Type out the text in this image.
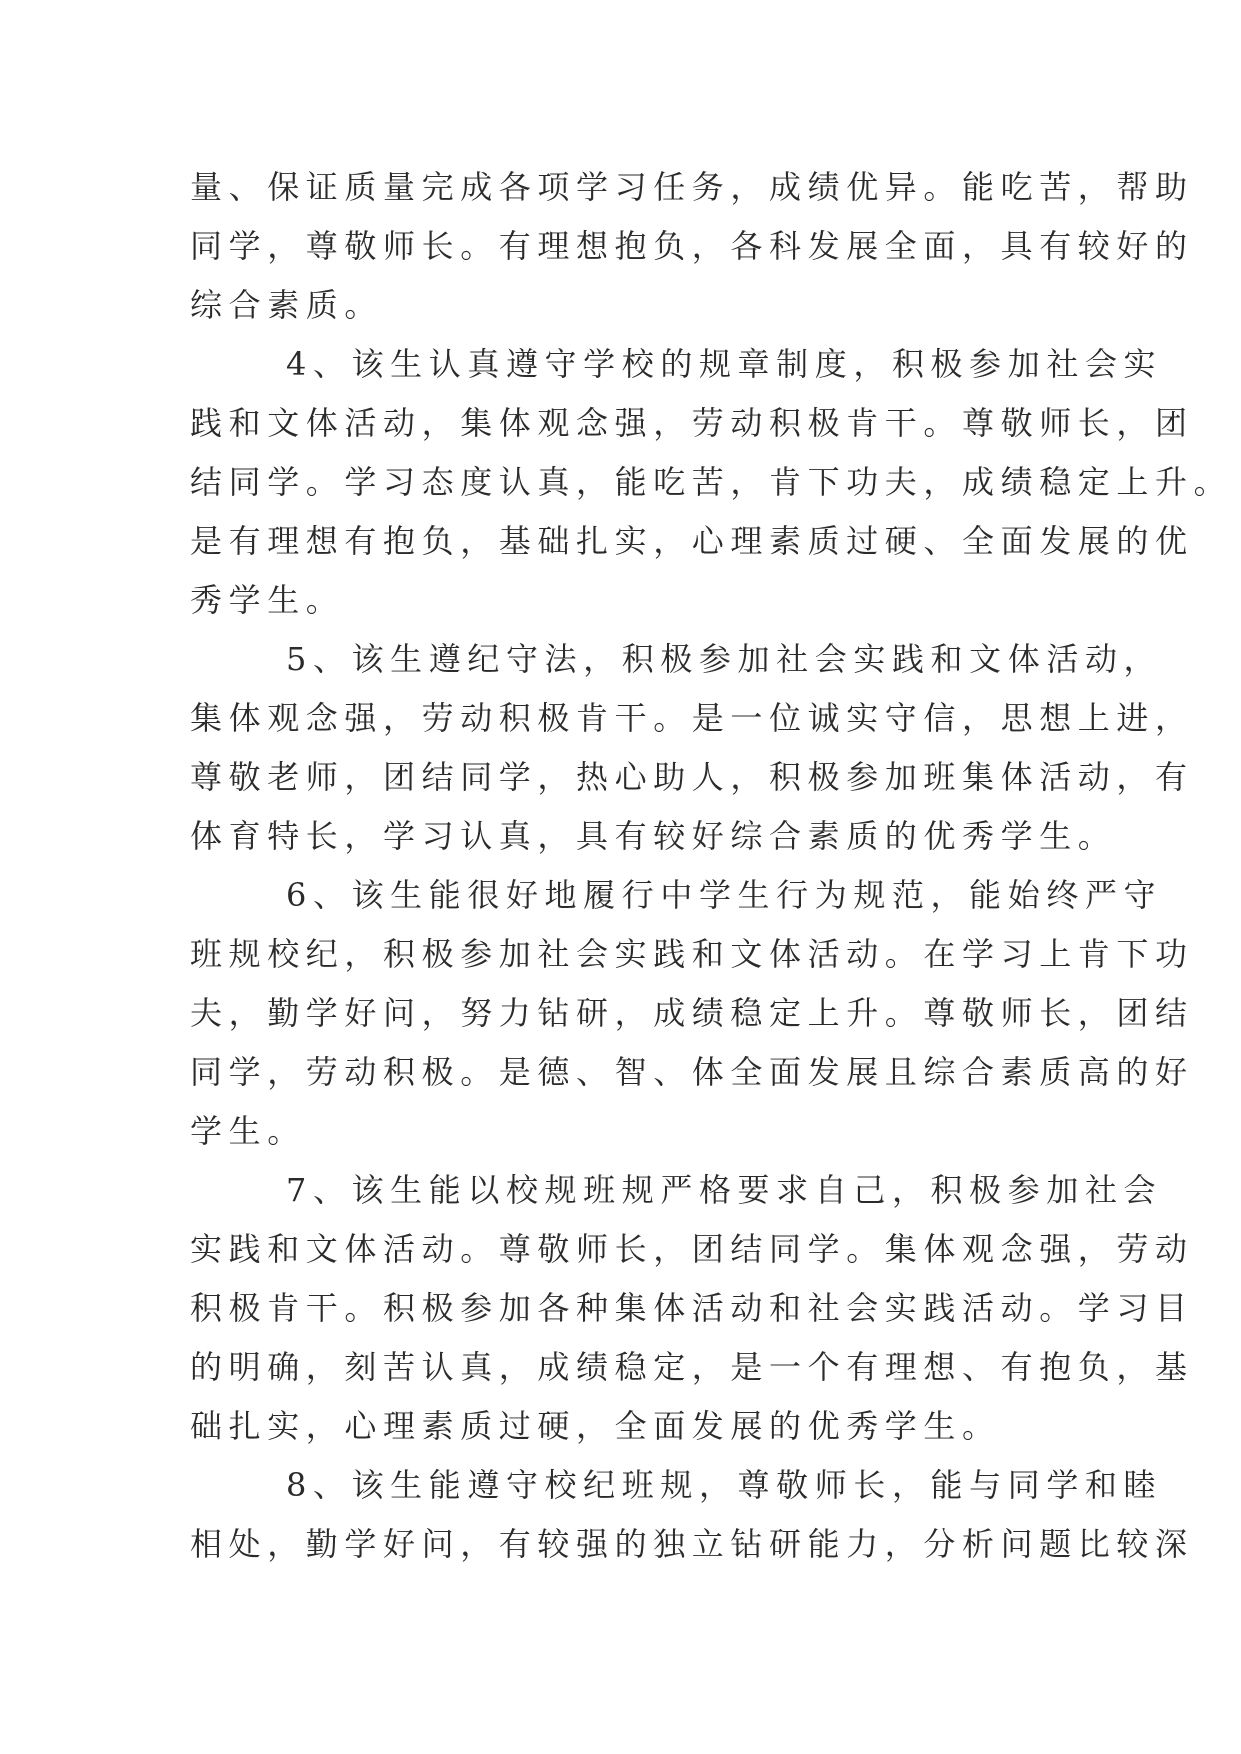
量、保证质量完成各项学习任务，成绩优异。能吃苦，帮助
同学，尊敬师长。有理想抱负，各科发展全面，具有较好的
综合素质。
4、该生认真遵守学校的规章制度，积极参加社会实
践和文体活动，集体观念强，劳动积极肯干。尊敬师长，团
结同学。学习态度认真，能吃苦，肯下功夫，成绩稳定上升。
是有理想有抱负，基础扎实，心理素质过硬、全面发展的优
秀学生。
5、该生遵纪守法，积极参加社会实践和文体活动，
集体观念强，劳动积极肯干。是一位诚实守信，思想上进，
尊敬老师，团结同学，热心助人，积极参加班集体活动，有
体育特长，学习认真，具有较好综合素质的优秀学生。
6、该生能很好地履行中学生行为规范，能始终严守
班规校纪，积极参加社会实践和文体活动。在学习上肯下功
夫，勤学好问，努力钻研，成绩稳定上升。尊敬师长，团结
同学，劳动积极。是德、智、体全面发展且综合素质高的好
学生。
7、该生能以校规班规严格要求自己，积极参加社会
实践和文体活动。尊敬师长，团结同学。集体观念强，劳动
积极肯干。积极参加各种集体活动和社会实践活动。学习目
的明确，刻苦认真，成绩稳定，是一个有理想、有抱负，基
础扎实，心理素质过硬，全面发展的优秀学生。
8、该生能遵守校纪班规，尊敬师长，能与同学和睦
相处，勤学好问，有较强的独立钻研能力，分析问题比较深
